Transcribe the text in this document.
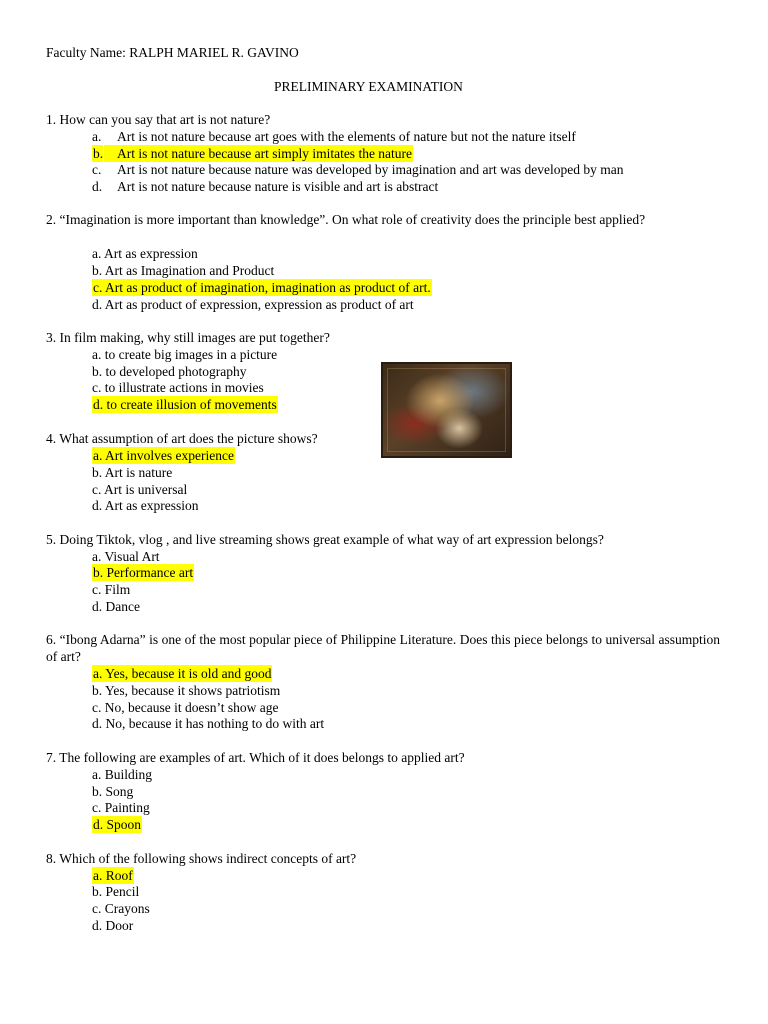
Faculty Name: RALPH MARIEL R. GAVINO
PRELIMINARY EXAMINATION
1. How can you say that art is not nature?
a. Art is not nature because art goes with the elements of nature but not the nature itself
b.
Art is not nature because art simply imitates the nature
c. Art is not nature because nature was developed by imagination and art was developed by man
d. Art is not nature because nature is visible and art is abstract
2. “Imagination is more important than knowledge”. On what role of creativity does the principle best applied?
a. Art as expression
b. Art as Imagination and Product
c. Art as product of imagination, imagination as product of art.
d. Art as product of expression, expression as product of art
3. In film making, why still images are put together?
a. to create big images in a picture
b. to developed photography
c. to illustrate actions in movies
d. to create illusion of movements
4. What assumption of art does the picture shows?
a. Art involves experience
b. Art is nature
c. Art is universal
d. Art as expression
5. Doing Tiktok, vlog , and live streaming shows great example of what way of art expression belongs?
a. Visual Art
b. Performance art
c. Film
d. Dance
6. “Ibong Adarna” is one of the most popular piece of Philippine Literature. Does this piece belongs to universal assumption of art?
a. Yes, because it is old and good
b. Yes, because it shows patriotism
c. No, because it doesn’t show age
d. No, because it has nothing to do with art
7. The following are examples of art. Which of it does belongs to applied art?
a. Building
b. Song
c. Painting
d. Spoon
8. Which of the following shows indirect concepts of art?
a. Roof
b. Pencil
c. Crayons
d. Door
